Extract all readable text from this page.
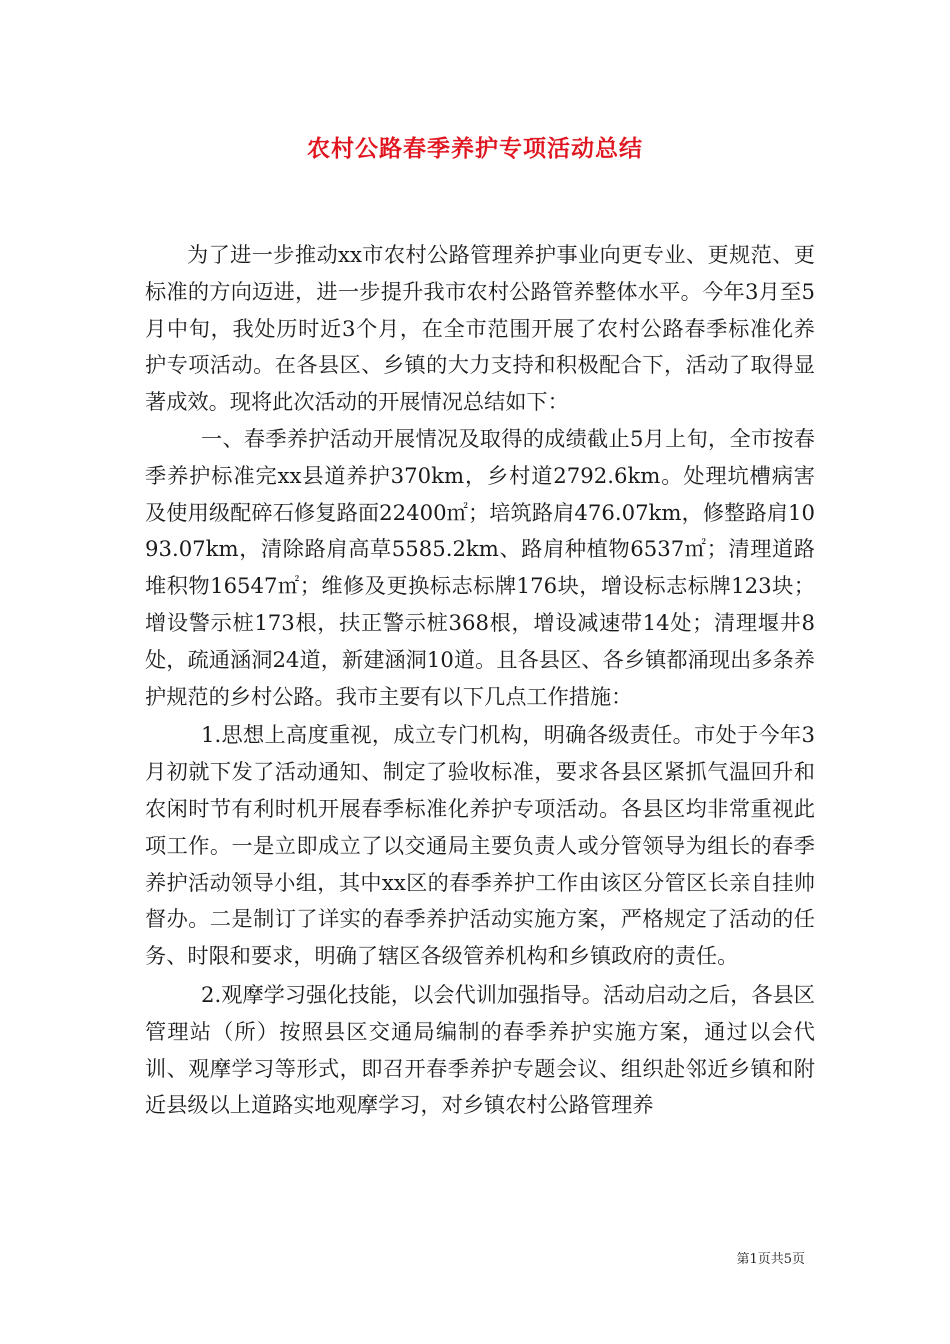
农村公路春季养护专项活动总结

为了进一步推动xx市农村公路管理养护事业向更专业、更规范、更标准的方向迈进，进一步提升我市农村公路管养整体水平。今年3月至5月中旬，我处历时近3个月，在全市范围开展了农村公路春季标准化养护专项活动。在各县区、乡镇的大力支持和积极配合下，活动了取得显著成效。现将此次活动的开展情况总结如下：

一、春季养护活动开展情况及取得的成绩截止5月上旬，全市按春季养护标准完xx县道养护370km，乡村道2792.6km。处理坑槽病害及使用级配碎石修复路面22400㎡；培筑路肩476.07km，修整路肩1093.07km，清除路肩高草5585.2km、路肩种植物6537㎡；清理道路堆积物16547㎡；维修及更换标志标牌176块，增设标志标牌123块；增设警示桩173根，扶正警示桩368根，增设减速带14处；清理堰井8处，疏通涵洞24道，新建涵洞10道。且各县区、各乡镇都涌现出多条养护规范的乡村公路。我市主要有以下几点工作措施：

1.思想上高度重视，成立专门机构，明确各级责任。市处于今年3月初就下发了活动通知、制定了验收标准，要求各县区紧抓气温回升和农闲时节有利时机开展春季标准化养护专项活动。各县区均非常重视此项工作。一是立即成立了以交通局主要负责人或分管领导为组长的春季养护活动领导小组，其中xx区的春季养护工作由该区分管区长亲自挂帅督办。二是制订了详实的春季养护活动实施方案，严格规定了活动的任务、时限和要求，明确了辖区各级管养机构和乡镇政府的责任。

2.观摩学习强化技能，以会代训加强指导。活动启动之后，各县区管理站（所）按照县区交通局编制的春季养护实施方案，通过以会代训、观摩学习等形式，即召开春季养护专题会议、组织赴邻近乡镇和附近县级以上道路实地观摩学习，对乡镇农村公路管理养

第1页共5页
